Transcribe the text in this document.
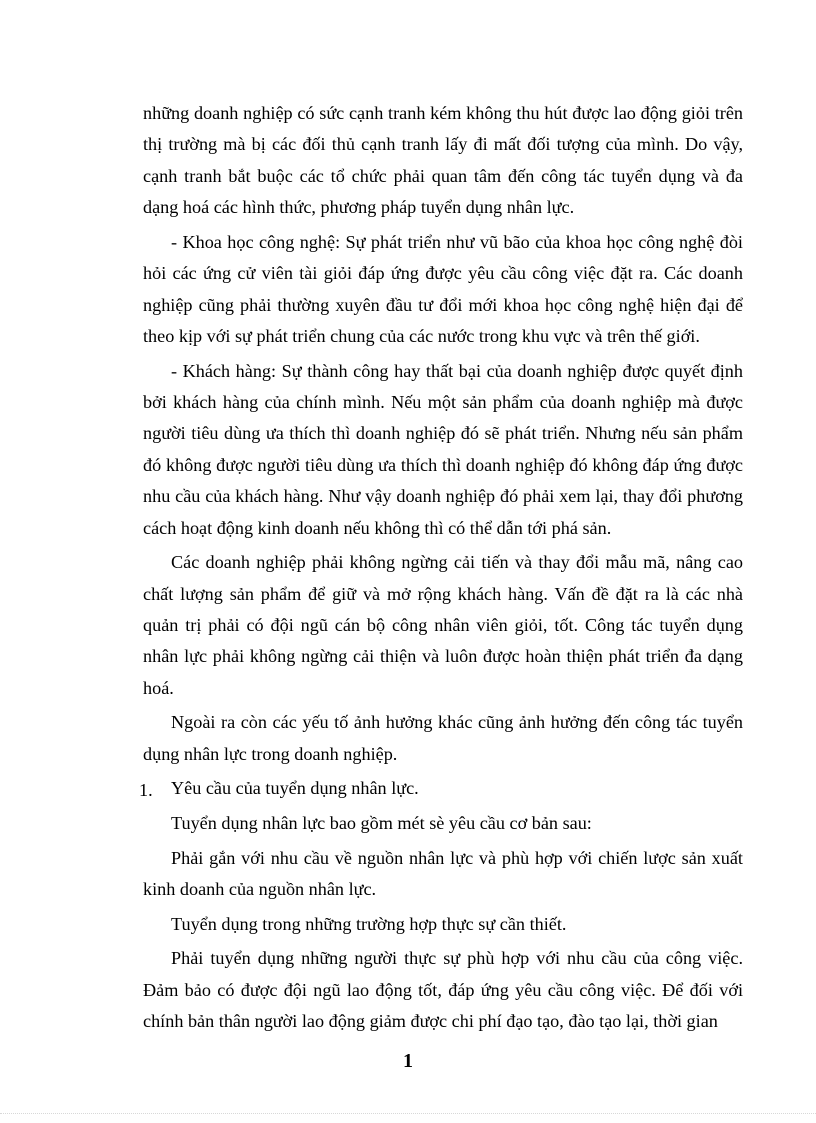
những doanh nghiệp có sức cạnh tranh kém không thu hút được lao động giỏi trên thị trường mà bị các đối thủ cạnh tranh lấy đi mất đối tượng của mình. Do vậy, cạnh tranh bắt buộc các tổ chức phải quan tâm đến công tác tuyển dụng và đa dạng hoá các hình thức, phương pháp tuyển dụng nhân lực.

- Khoa học công nghệ: Sự phát triển như vũ bão của khoa học công nghệ đòi hỏi các ứng cử viên tài giỏi đáp ứng được yêu cầu công việc đặt ra. Các doanh nghiệp cũng phải thường xuyên đầu tư đổi mới khoa học công nghệ hiện đại để theo kịp với sự phát triển chung của các nước trong khu vực và trên thế giới.

- Khách hàng: Sự thành công hay thất bại của doanh nghiệp được quyết định bởi khách hàng của chính mình. Nếu một sản phẩm của doanh nghiệp mà được người tiêu dùng ưa thích thì doanh nghiệp đó sẽ phát triển. Nhưng nếu sản phẩm đó không được người tiêu dùng ưa thích thì doanh nghiệp đó không đáp ứng được nhu cầu của khách hàng. Như vậy doanh nghiệp đó phải xem lại, thay đổi phương cách hoạt động kinh doanh nếu không thì có thể dẫn tới phá sản.

Các doanh nghiệp phải không ngừng cải tiến và thay đổi mẫu mã, nâng cao chất lượng sản phẩm để giữ và mở rộng khách hàng. Vấn đề đặt ra là các nhà quản trị phải có đội ngũ cán bộ công nhân viên giỏi, tốt. Công tác tuyển dụng nhân lực phải không ngừng cải thiện và luôn được hoàn thiện phát triển đa dạng hoá.

Ngoài ra còn các yếu tố ảnh hưởng khác cũng ảnh hưởng đến công tác tuyển dụng nhân lực trong doanh nghiệp.

1. Yêu cầu của tuyển dụng nhân lực.

Tuyển dụng nhân lực bao gồm mét sè yêu cầu cơ bản sau:

Phải gắn với nhu cầu về nguồn nhân lực và phù hợp với chiến lược sản xuất kinh doanh của nguồn nhân lực.

Tuyển dụng trong những trường hợp thực sự cần thiết.

Phải tuyển dụng những người thực sự phù hợp với nhu cầu của công việc. Đảm bảo có được đội ngũ lao động tốt, đáp ứng yêu cầu công việc. Để đối với chính bản thân người lao động giảm được chi phí đạo tạo, đào tạo lại, thời gian

1
